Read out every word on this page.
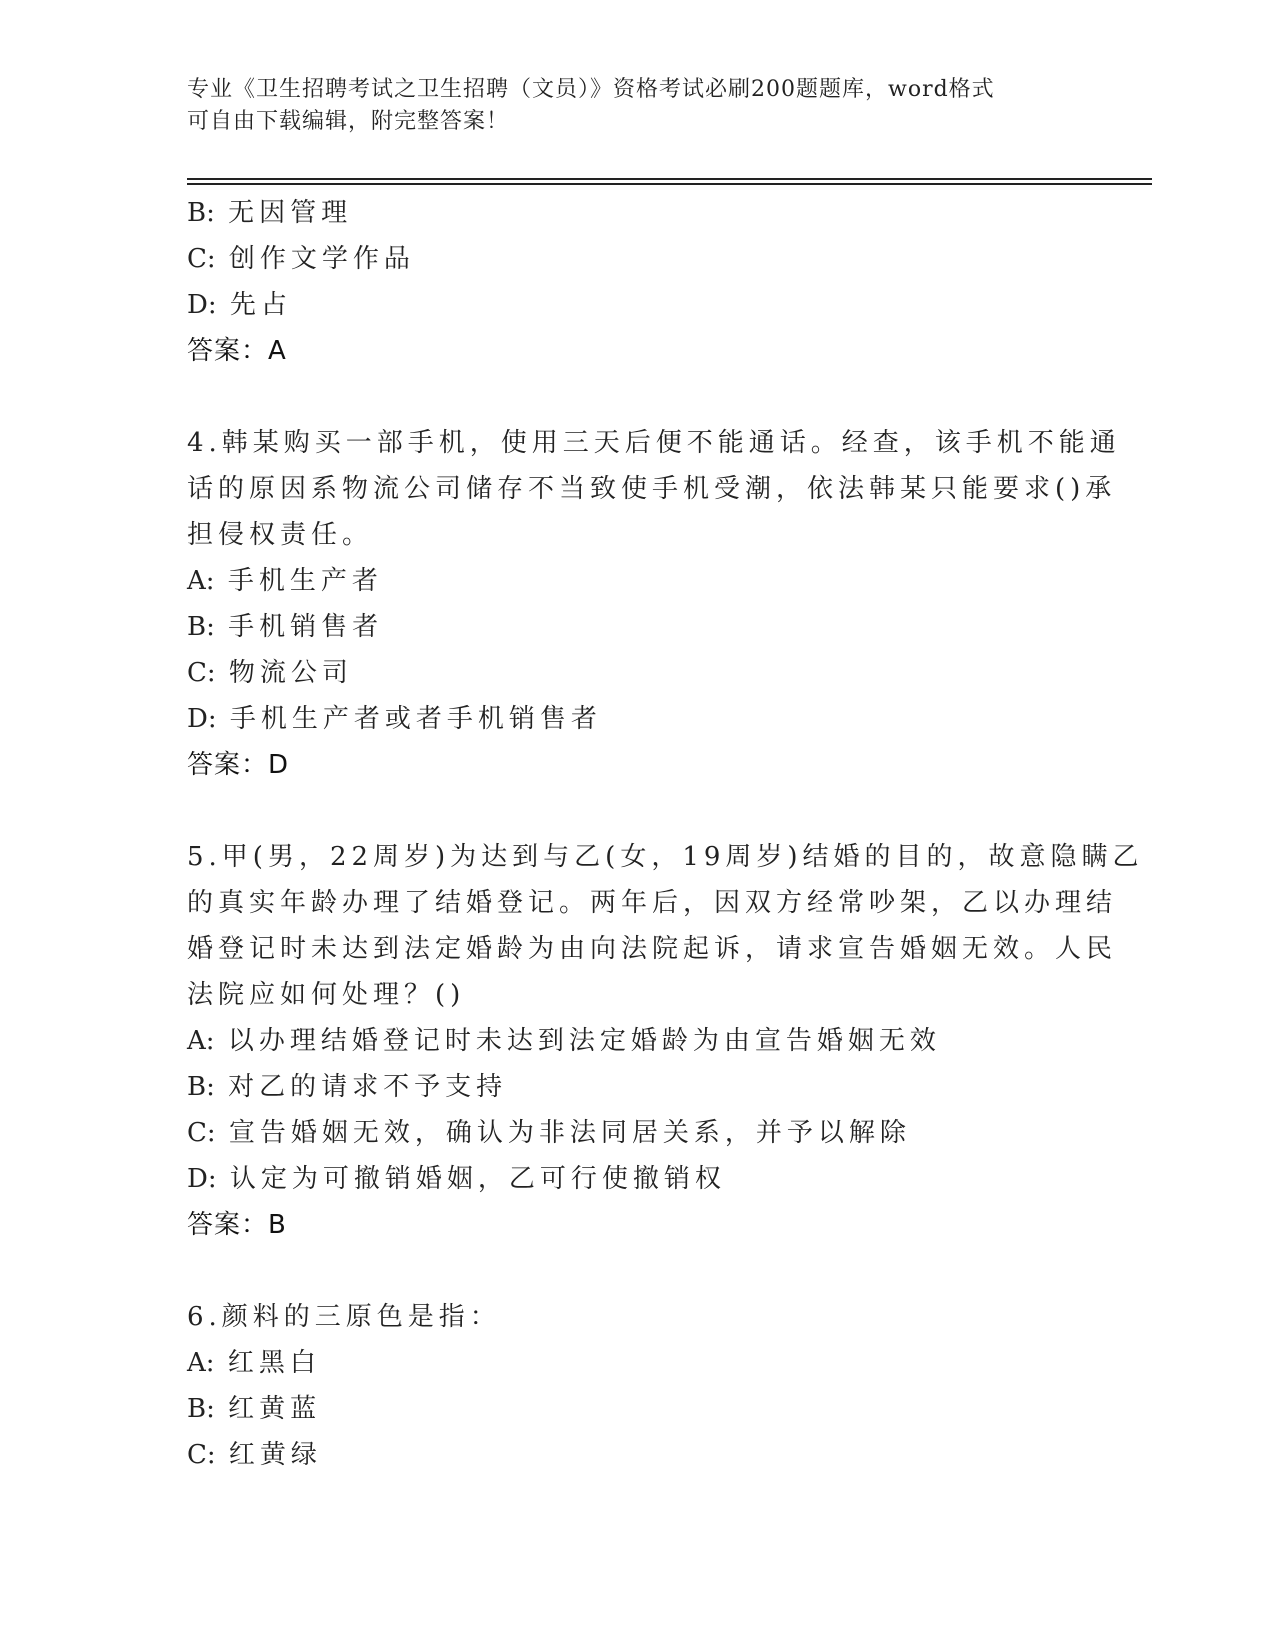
专业《卫生招聘考试之卫生招聘（文员）》资格考试必刷200题题库，word格式
可自由下载编辑，附完整答案！
B: 无因管理
C: 创作文学作品
D: 先占
答案：A
4.韩某购买一部手机，使用三天后便不能通话。经查，该手机不能通
话的原因系物流公司储存不当致使手机受潮，依法韩某只能要求()承
担侵权责任。
A: 手机生产者
B: 手机销售者
C: 物流公司
D: 手机生产者或者手机销售者
答案：D
5.甲(男，22周岁)为达到与乙(女，19周岁)结婚的目的，故意隐瞒乙
的真实年龄办理了结婚登记。两年后，因双方经常吵架，乙以办理结
婚登记时未达到法定婚龄为由向法院起诉，请求宣告婚姻无效。人民
法院应如何处理？()
A: 以办理结婚登记时未达到法定婚龄为由宣告婚姻无效
B: 对乙的请求不予支持
C: 宣告婚姻无效，确认为非法同居关系，并予以解除
D: 认定为可撤销婚姻，乙可行使撤销权
答案：B
6.颜料的三原色是指：
A: 红黑白
B: 红黄蓝
C: 红黄绿
